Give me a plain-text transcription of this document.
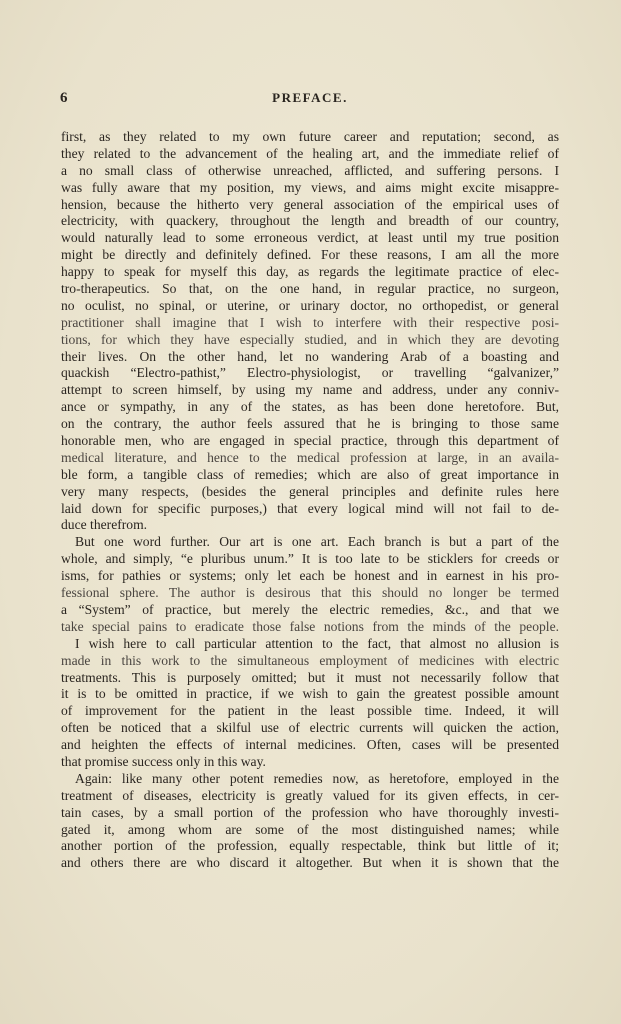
6	PREFACE.
first, as they related to my own future career and reputation; second, as
they related to the advancement of the healing art, and the immediate relief of
a no small class of otherwise unreached, afflicted, and suffering persons. I
was fully aware that my position, my views, and aims might excite misappre-
hension, because the hitherto very general association of the empirical uses of
electricity, with quackery, throughout the length and breadth of our country,
would naturally lead to some erroneous verdict, at least until my true position
might be directly and definitely defined. For these reasons, I am all the more
happy to speak for myself this day, as regards the legitimate practice of elec-
tro-therapeutics. So that, on the one hand, in regular practice, no surgeon,
no oculist, no spinal, or uterine, or urinary doctor, no orthopedist, or general
practitioner shall imagine that I wish to interfere with their respective posi-
tions, for which they have especially studied, and in which they are devoting
their lives. On the other hand, let no wandering Arab of a boasting and
quackish “Electro-pathist,” Electro-physiologist, or travelling “galvanizer,”
attempt to screen himself, by using my name and address, under any conniv-
ance or sympathy, in any of the states, as has been done heretofore. But,
on the contrary, the author feels assured that he is bringing to those same
honorable men, who are engaged in special practice, through this department of
medical literature, and hence to the medical profession at large, in an availa-
ble form, a tangible class of remedies; which are also of great importance in
very many respects, (besides the general principles and definite rules here
laid down for specific purposes,) that every logical mind will not fail to de-
duce therefrom.
But one word further. Our art is one art. Each branch is but a part of the
whole, and simply, “e pluribus unum.” It is too late to be sticklers for creeds or
isms, for pathies or systems; only let each be honest and in earnest in his pro-
fessional sphere. The author is desirous that this should no longer be termed
a “System” of practice, but merely the electric remedies, &c., and that we
take special pains to eradicate those false notions from the minds of the people.
I wish here to call particular attention to the fact, that almost no allusion is
made in this work to the simultaneous employment of medicines with electric
treatments. This is purposely omitted; but it must not necessarily follow that
it is to be omitted in practice, if we wish to gain the greatest possible amount
of improvement for the patient in the least possible time. Indeed, it will
often be noticed that a skilful use of electric currents will quicken the action,
and heighten the effects of internal medicines. Often, cases will be presented
that promise success only in this way.
Again: like many other potent remedies now, as heretofore, employed in the
treatment of diseases, electricity is greatly valued for its given effects, in cer-
tain cases, by a small portion of the profession who have thoroughly investi-
gated it, among whom are some of the most distinguished names; while
another portion of the profession, equally respectable, think but little of it;
and others there are who discard it altogether. But when it is shown that the
